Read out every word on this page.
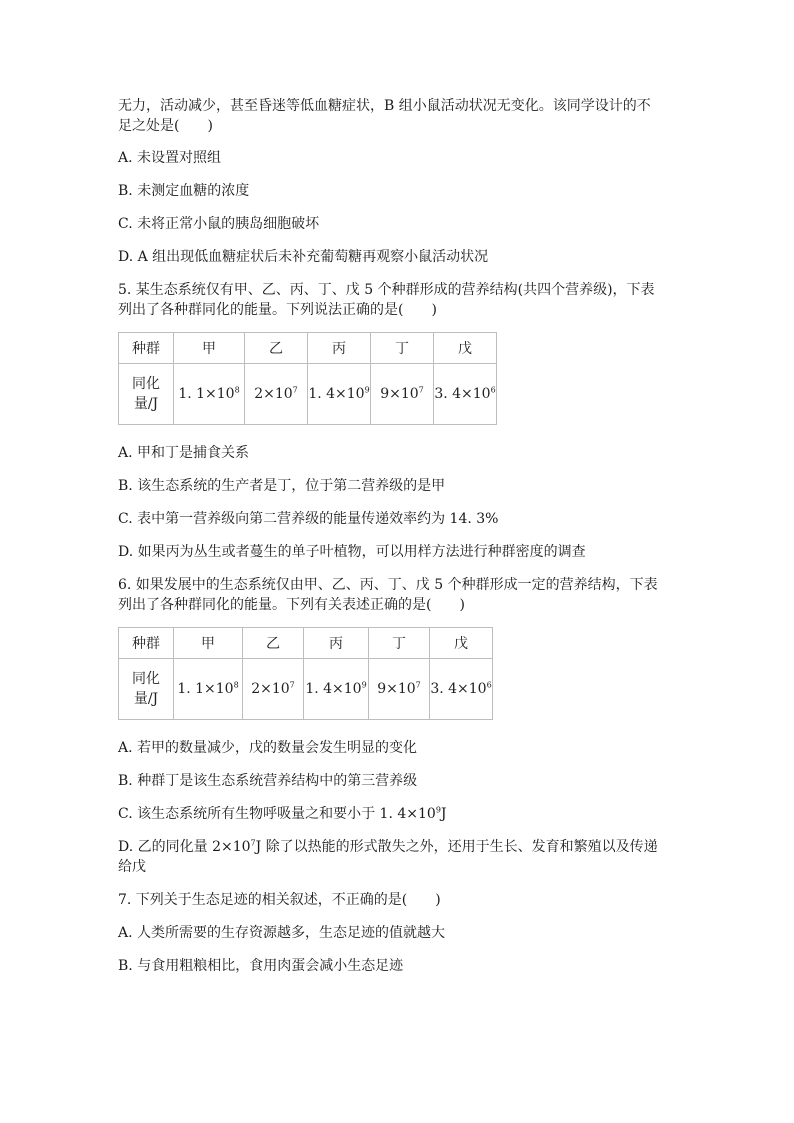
无力，活动减少，甚至昏迷等低血糖症状，B 组小鼠活动状况无变化。该同学设计的不

足之处是(　　)

A. 未设置对照组

B. 未测定血糖的浓度

C. 未将正常小鼠的胰岛细胞破坏

D. A 组出现低血糖症状后未补充葡萄糖再观察小鼠活动状况

5. 某生态系统仅有甲、乙、丙、丁、戊 5 个种群形成的营养结构(共四个营养级)，下表

列出了各种群同化的能量。下列说法正确的是(　　)

种群	甲	乙	丙	丁	戊

同化
量/J	1. $1\times 10^8$	$2\times 10^7$	1. $4\times 10^9$	$9\times 10^7$	3. $4\times 10^6$

A. 甲和丁是捕食关系

B. 该生态系统的生产者是丁，位于第二营养级的是甲

C. 表中第一营养级向第二营养级的能量传递效率约为 14. 3%

D. 如果丙为丛生或者蔓生的单子叶植物，可以用样方法进行种群密度的调查

6. 如果发展中的生态系统仅由甲、乙、丙、丁、戊 5 个种群形成一定的营养结构，下表

列出了各种群同化的能量。下列有关表述正确的是(　　)

种群	甲	乙	丙	丁	戊

同化
量/J	1. $1\times 10^8$	$2\times 10^7$	1. $4\times 10^9$	$9\times 10^7$	3. $4\times 10^6$

A. 若甲的数量减少，戊的数量会发生明显的变化

B. 种群丁是该生态系统营养结构中的第三营养级

C. 该生态系统所有生物呼吸量之和要小于 1. $4\times 10^9J$

D. 乙的同化量 $2\times 10^7J$ 除了以热能的形式散失之外，还用于生长、发育和繁殖以及传递

给戊

7. 下列关于生态足迹的相关叙述，不正确的是(　　)

A. 人类所需要的生存资源越多，生态足迹的值就越大

B. 与食用粗粮相比，食用肉蛋会减小生态足迹
